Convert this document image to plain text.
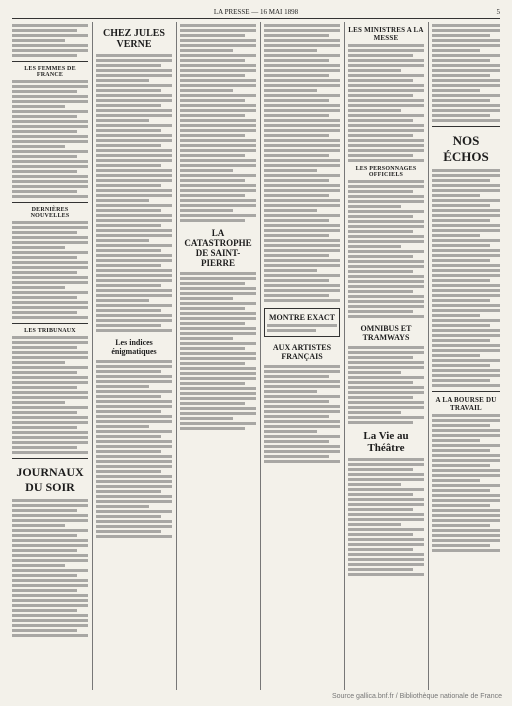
LA PRESSE — 16 MAI 1898	5
LES FEMMES DE FRANCE
DERNIÈRES NOUVELLES
LES TRIBUNAUX
JOURNAUX DU SOIR
CHEZ JULES VERNE
Les indices énigmatiques
LA CATASTROPHE DE SAINT-PIERRE
MONTRE EXACT
AUX ARTISTES FRANÇAIS
LES MINISTRES A LA MESSE
LES PERSONNAGES OFFICIELS
OMNIBUS ET TRAMWAYS
La Vie au Théâtre
NOS ÉCHOS
A LA BOURSE DU TRAVAIL
Source gallica.bnf.fr / Bibliothèque nationale de France
